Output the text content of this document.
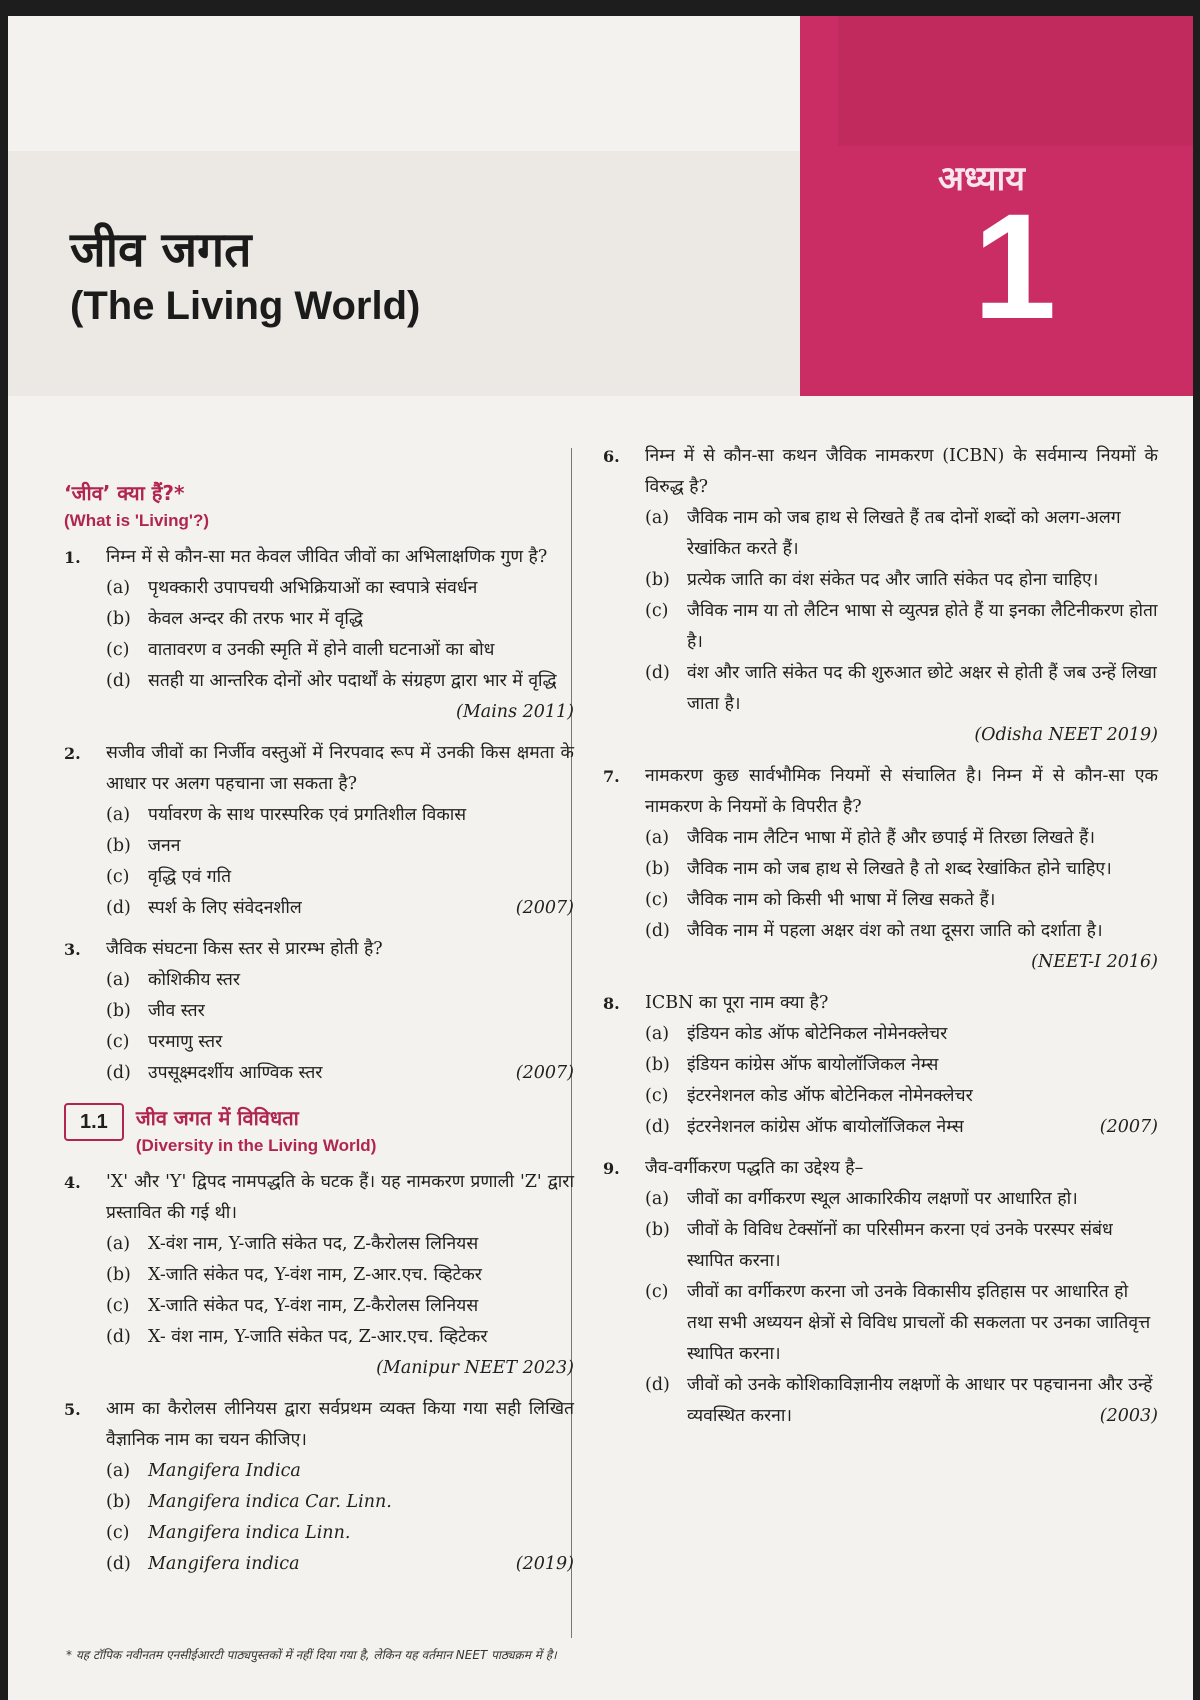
अध्याय
1
जीव जगत
(The Living World)
‘जीव’ क्या हैं?*
(What is 'Living'?)
1. निम्न में से कौन-सा मत केवल जीवित जीवों का अभिलाक्षणिक गुण है?
(a) पृथक्कारी उपापचयी अभिक्रियाओं का स्वपात्रे संवर्धन
(b) केवल अन्दर की तरफ भार में वृद्धि
(c) वातावरण व उनकी स्मृति में होने वाली घटनाओं का बोध
(d) सतही या आन्तरिक दोनों ओर पदार्थों के संग्रहण द्वारा भार में वृद्धि
(Mains 2011)
2. सजीव जीवों का निर्जीव वस्तुओं में निरपवाद रूप में उनकी किस क्षमता के आधार पर अलग पहचाना जा सकता है?
(a) पर्यावरण के साथ पारस्परिक एवं प्रगतिशील विकास
(b) जनन
(c) वृद्धि एवं गति
(d) स्पर्श के लिए संवेदनशील	(2007)
3. जैविक संघटना किस स्तर से प्रारम्भ होती है?
(a) कोशिकीय स्तर
(b) जीव स्तर
(c) परमाणु स्तर
(d) उपसूक्ष्मदर्शीय आण्विक स्तर	(2007)
1.1	जीव जगत में विविधता
(Diversity in the Living World)
4. 'X' और 'Y' द्विपद नामपद्धति के घटक हैं। यह नामकरण प्रणाली 'Z' द्वारा प्रस्तावित की गई थी।
(a) X-वंश नाम, Y-जाति संकेत पद, Z-कैरोलस लिनियस
(b) X-जाति संकेत पद, Y-वंश नाम, Z-आर.एच. व्हिटेकर
(c) X-जाति संकेत पद, Y-वंश नाम, Z-कैरोलस लिनियस
(d) X- वंश नाम, Y-जाति संकेत पद, Z-आर.एच. व्हिटेकर
(Manipur NEET 2023)
5. आम का कैरोलस लीनियस द्वारा सर्वप्रथम व्यक्त किया गया सही लिखित वैज्ञानिक नाम का चयन कीजिए।
(a) Mangifera Indica
(b) Mangifera indica Car. Linn.
(c) Mangifera indica Linn.
(d) Mangifera indica	(2019)
6. निम्न में से कौन-सा कथन जैविक नामकरण (ICBN) के सर्वमान्य नियमों के विरुद्ध है?
(a) जैविक नाम को जब हाथ से लिखते हैं तब दोनों शब्दों को अलग-अलग रेखांकित करते हैं।
(b) प्रत्येक जाति का वंश संकेत पद और जाति संकेत पद होना चाहिए।
(c) जैविक नाम या तो लैटिन भाषा से व्युत्पन्न होते हैं या इनका लैटिनीकरण होता है।
(d) वंश और जाति संकेत पद की शुरुआत छोटे अक्षर से होती हैं जब उन्हें लिखा जाता है।
(Odisha NEET 2019)
7. नामकरण कुछ सार्वभौमिक नियमों से संचालित है। निम्न में से कौन-सा एक नामकरण के नियमों के विपरीत है?
(a) जैविक नाम लैटिन भाषा में होते हैं और छपाई में तिरछा लिखते हैं।
(b) जैविक नाम को जब हाथ से लिखते है तो शब्द रेखांकित होने चाहिए।
(c) जैविक नाम को किसी भी भाषा में लिख सकते हैं।
(d) जैविक नाम में पहला अक्षर वंश को तथा दूसरा जाति को दर्शाता है।
(NEET-I 2016)
8. ICBN का पूरा नाम क्या है?
(a) इंडियन कोड ऑफ बोटेनिकल नोमेनक्लेचर
(b) इंडियन कांग्रेस ऑफ बायोलॉजिकल नेम्स
(c) इंटरनेशनल कोड ऑफ बोटेनिकल नोमेनक्लेचर
(d) इंटरनेशनल कांग्रेस ऑफ बायोलॉजिकल नेम्स	(2007)
9. जैव-वर्गीकरण पद्धति का उद्देश्य है–
(a) जीवों का वर्गीकरण स्थूल आकारिकीय लक्षणों पर आधारित हो।
(b) जीवों के विविध टेक्सॉनों का परिसीमन करना एवं उनके परस्पर संबंध स्थापित करना।
(c) जीवों का वर्गीकरण करना जो उनके विकासीय इतिहास पर आधारित हो तथा सभी अध्ययन क्षेत्रों से विविध प्राचलों की सकलता पर उनका जातिवृत्त स्थापित करना।
(d) जीवों को उनके कोशिकाविज्ञानीय लक्षणों के आधार पर पहचानना और उन्हें व्यवस्थित करना।	(2003)
* यह टॉपिक नवीनतम एनसीईआरटी पाठ्यपुस्तकों में नहीं दिया गया है, लेकिन यह वर्तमान NEET पाठ्यक्रम में है।
